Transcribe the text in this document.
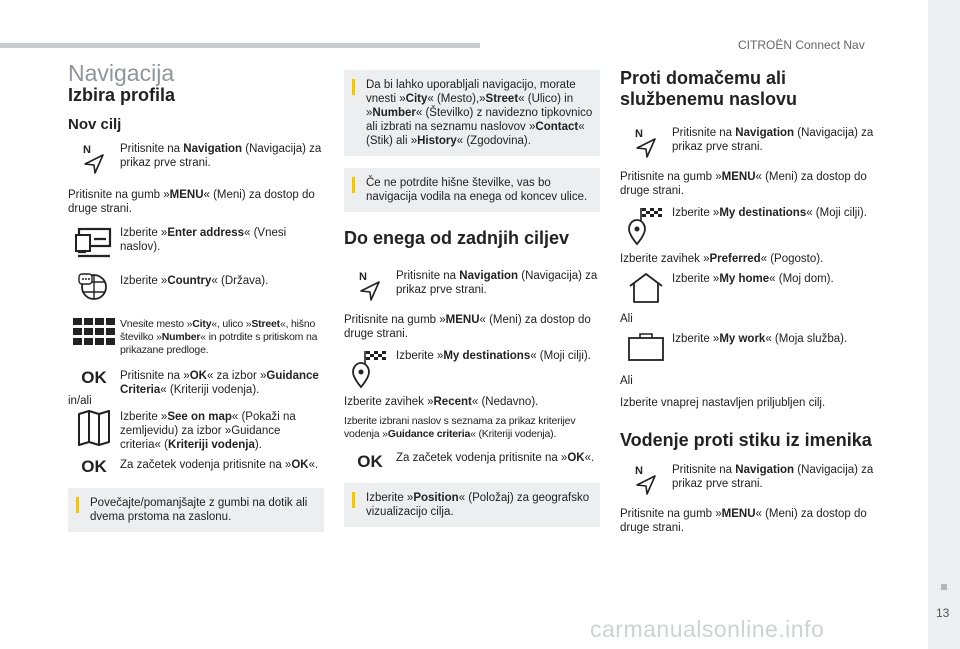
CITROËN Connect Nav
13
carmanualsonline.info
Navigacija
Izbira profila
Nov cilj
N	Pritisnite na Navigation (Navigacija) za prikaz prve strani.

Pritisnite na gumb »MENU« (Meni) za dostop do druge strani.

Izberite »Enter address« (Vnesi naslov).

Izberite »Country« (Država).

Vnesite mesto »City«, ulico »Street«, hišno številko »Number« in potrdite s pritiskom na prikazane predloge.

OK	Pritisnite na »OK« za izbor »Guidance Criteria« (Kriteriji vodenja).

in/ali

Izberite »See on map« (Pokaži na zemljevidu) za izbor »Guidance criteria« (Kriteriji vodenja).

OK	Za začetek vodenja pritisnite na »OK«.

Povečajte/pomanjšajte z gumbi na dotik ali dvema prstoma na zaslonu.

Da bi lahko uporabljali navigacijo, morate vnesti »City« (Mesto),»Street« (Ulico) in »Number« (Številko) z navidezno tipkovnico ali izbrati na seznamu naslovov »Contact« (Stik) ali »History« (Zgodovina).

Če ne potrdite hišne številke, vas bo navigacija vodila na enega od koncev ulice.

Do enega od zadnjih ciljev
N	Pritisnite na Navigation (Navigacija) za prikaz prve strani.

Pritisnite na gumb »MENU« (Meni) za dostop do druge strani.

Izberite »My destinations« (Moji cilji).

Izberite zavihek »Recent« (Nedavno).

Izberite izbrani naslov s seznama za prikaz kriterijev vodenja »Guidance criteria« (Kriteriji vodenja).

OK	Za začetek vodenja pritisnite na »OK«.

Izberite »Position« (Položaj) za geografsko vizualizacijo cilja.

Proti domačemu ali službenemu naslovu
N	Pritisnite na Navigation (Navigacija) za prikaz prve strani.

Pritisnite na gumb »MENU« (Meni) za dostop do druge strani.

Izberite »My destinations« (Moji cilji).

Izberite zavihek »Preferred« (Pogosto).

Izberite »My home« (Moj dom).

Ali

Izberite »My work« (Moja služba).

Ali

Izberite vnaprej nastavljen priljubljen cilj.

Vodenje proti stiku iz imenika
N	Pritisnite na Navigation (Navigacija) za prikaz prve strani.

Pritisnite na gumb »MENU« (Meni) za dostop do druge strani.
